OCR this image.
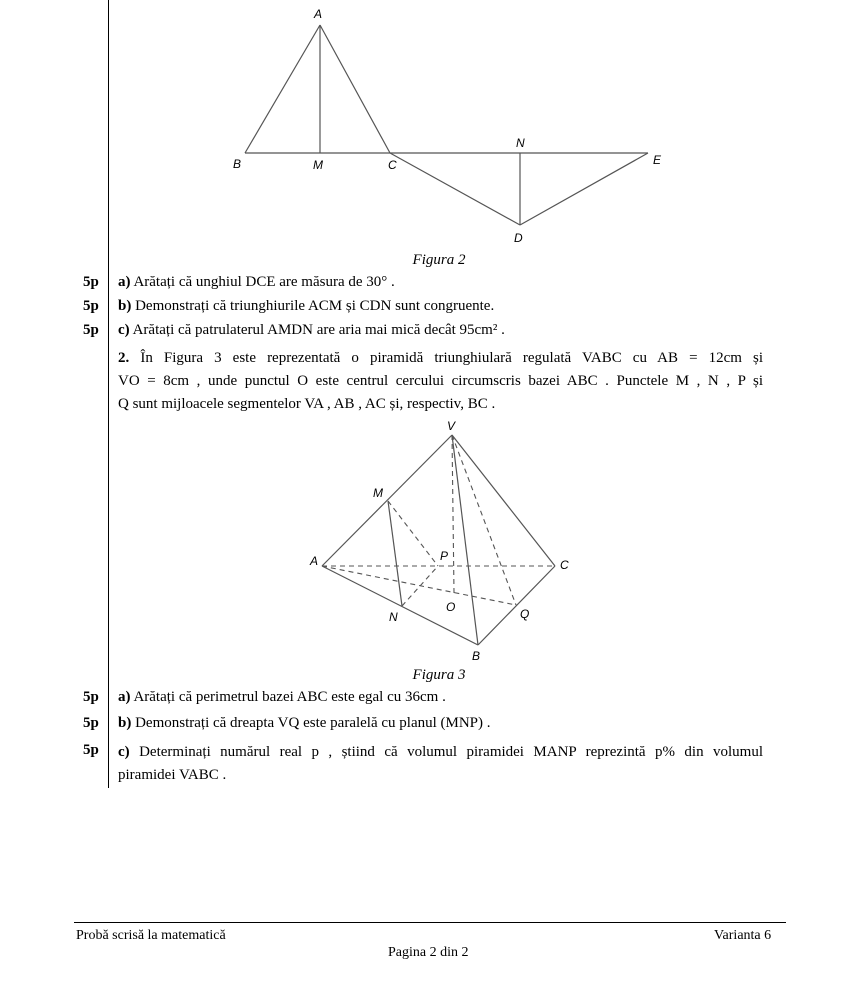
A
B	M	C
N
E
D
Figura 2
5p a) Arătați că unghiul DCE are măsura de 30° .
5p b) Demonstrați că triunghiurile ACM și CDN sunt congruente.
5p c) Arătați că patrulaterul AMDN are aria mai mică decât 95cm² .
2. În Figura 3 este reprezentată o piramidă triunghiulară regulată VABC cu AB = 12cm și
VO = 8cm , unde punctul O este centrul cercului circumscris bazei ABC . Punctele M , N , P și
Q sunt mijloacele segmentelor VA , AB , AC și, respectiv, BC .
V
M
P
A	C
O
N	Q
B
Figura 3
5p a) Arătați că perimetrul bazei ABC este egal cu 36cm .
5p b) Demonstrați că dreapta VQ este paralelă cu planul (MNP) .
5p c) Determinați numărul real p , știind că volumul piramidei MANP reprezintă p% din volumul
piramidei VABC .
Probă scrisă la matematică	Varianta 6
Pagina 2 din 2
